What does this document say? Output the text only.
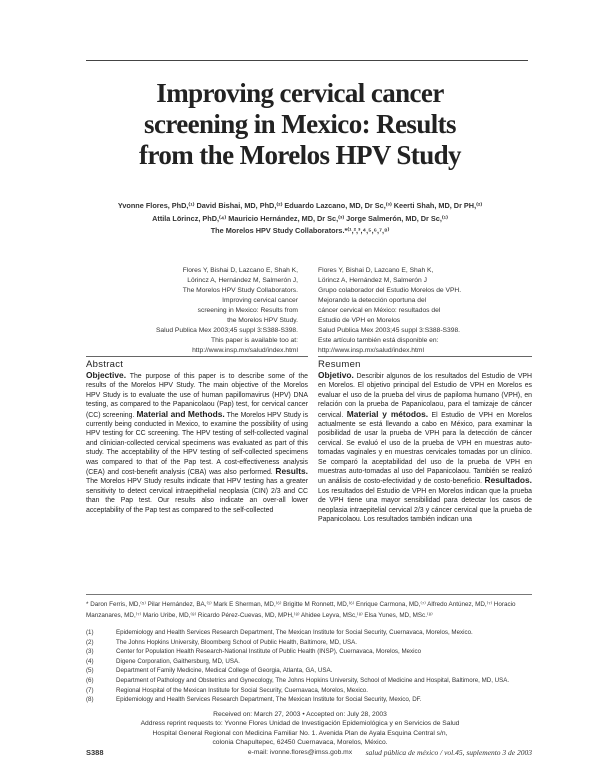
Improving cervical cancer
screening in Mexico: Results
from the Morelos HPV Study
Yvonne Flores, PhD,⁽¹⁾ David Bishai, MD, PhD,⁽²⁾ Eduardo Lazcano, MD, Dr Sc,⁽³⁾ Keerti Shah, MD, Dr PH,⁽²⁾
Attila Lörincz, PhD,⁽⁴⁾ Mauricio Hernández, MD, Dr Sc,⁽³⁾ Jorge Salmerón, MD, Dr Sc,⁽¹⁾
The Morelos HPV Study Collaborators.*⁽¹,²,³,⁴,⁵,⁶,⁷,⁸⁾
Flores Y, Bishai D, Lazcano E, Shah K,
Lörincz A, Hernández M, Salmerón J,
The Morelos HPV Study Collaborators.
Improving cervical cancer
screening in Mexico: Results from
the Morelos HPV Study.
Salud Publica Mex 2003;45 suppl 3:S388-S398.
This paper is available too at:
http://www.insp.mx/salud/index.html
Flores Y, Bishai D, Lazcano E, Shah K,
Lörincz A, Hernández M, Salmerón J
Grupo colaborador del Estudio Morelos de VPH.
Mejorando la detección oportuna del
cáncer cervical en México: resultados del
Estudio de VPH en Morelos
Salud Publica Mex 2003;45 suppl 3:S388-S398.
Este artículo también está disponible en:
http://www.insp.mx/salud/index.html
Abstract

Objective. The purpose of this paper is to describe some of the results of the Morelos HPV Study. The main objective of the Morelos HPV Study is to evaluate the use of human papillomavirus (HPV) DNA testing, as compared to the Papanicolaou (Pap) test, for cervical cancer (CC) screening. Material and Methods. The Morelos HPV Study is currently being conducted in Mexico, to examine the possibility of using HPV testing for CC screening. The HPV testing of self-collected vaginal and clinician-collected cervical specimens was evaluated as part of this study. The acceptability of the HPV testing of self-collected specimens was compared to that of the Pap test. A cost-effectiveness analysis (CEA) and cost-benefit analysis (CBA) was also performed. Results. The Morelos HPV Study results indicate that HPV testing has a greater sensitivity to detect cervical intraepithelial neoplasia (CIN) 2/3 and CC than the Pap test. Our results also indicate an over-all lower acceptability of the Pap test as compared to the self-collected

Resumen

Objetivo. Describir algunos de los resultados del Estudio de VPH en Morelos. El objetivo principal del Estudio de VPH en Morelos es evaluar el uso de la prueba del virus de papiloma humano (VPH), en relación con la prueba de Papanicolaou, para el tamizaje de cáncer cervical. Material y métodos. El Estudio de VPH en Morelos actualmente se está llevando a cabo en México, para examinar la posibilidad de usar la prueba de VPH para la detección de cáncer cervical. Se evaluó el uso de la prueba de VPH en muestras auto-tomadas vaginales y en muestras cervicales tomadas por un clínico. Se comparó la aceptabilidad del uso de la prueba de VPH en muestras auto-tomadas al uso del Papanicolaou. También se realizó un análisis de costo-efectividad y de costo-beneficio. Resultados. Los resultados del Estudio de VPH en Morelos indican que la prueba de VPH tiene una mayor sensibilidad para detectar los casos de neoplasia intraepitelial cervical 2/3 y cáncer cervical que la prueba de Papanicolaou. Los resultados también indican una

* Daron Ferris, MD,⁽⁵⁾ Pilar Hernández, BA,⁽¹⁾ Mark E Sherman, MD,⁽⁶⁾ Brigitte M Ronnett, MD,⁽⁶⁾ Enrique Carmona, MD,⁽⁷⁾ Alfredo Antúnez, MD,⁽⁷⁾ Horacio
Manzanares, MD,⁽⁷⁾ Mario Uribe, MD,⁽⁸⁾ Ricardo Pérez-Cuevas, MD, MPH,⁽⁸⁾ Ahidee Leyva, MSc,⁽⁸⁾ Elsa Yunes, MD, MSc.⁽⁸⁾
(1)	Epidemiology and Health Services Research Department, The Mexican Institute for Social Security, Cuernavaca, Morelos, Mexico.
(2)	The Johns Hopkins University, Bloomberg School of Public Health, Baltimore, MD, USA.
(3)	Center for Population Health Research-National Institute of Public Health (INSP), Cuernavaca, Morelos, Mexico
(4)	Digene Corporation, Gaithersburg, MD, USA.
(5)	Department of Family Medicine, Medical College of Georgia, Atlanta, GA, USA.
(6)	Department of Pathology and Obstetrics and Gynecology, The Johns Hopkins University, School of Medicine and Hospital, Baltimore, MD, USA.
(7)	Regional Hospital of the Mexican Institute for Social Security, Cuernavaca, Morelos, Mexico.
(8)	Epidemiology and Health Services Research Department, The Mexican Institute for Social Security, Mexico, DF.
Received on: March 27, 2003 • Accepted on: July 28, 2003
Address reprint requests to: Yvonne Flores Unidad de Investigación Epidemiológica y en Servicios de Salud
Hospital General Regional con Medicina Familiar No. 1. Avenida Plan de Ayala Esquina Central s/n,
colonia Chapultepec, 62450 Cuernavaca, Morelos, México.
e-mail: ivonne.flores@imss.gob.mx
S388	salud pública de méxico / vol.45, suplemento 3 de 2003
